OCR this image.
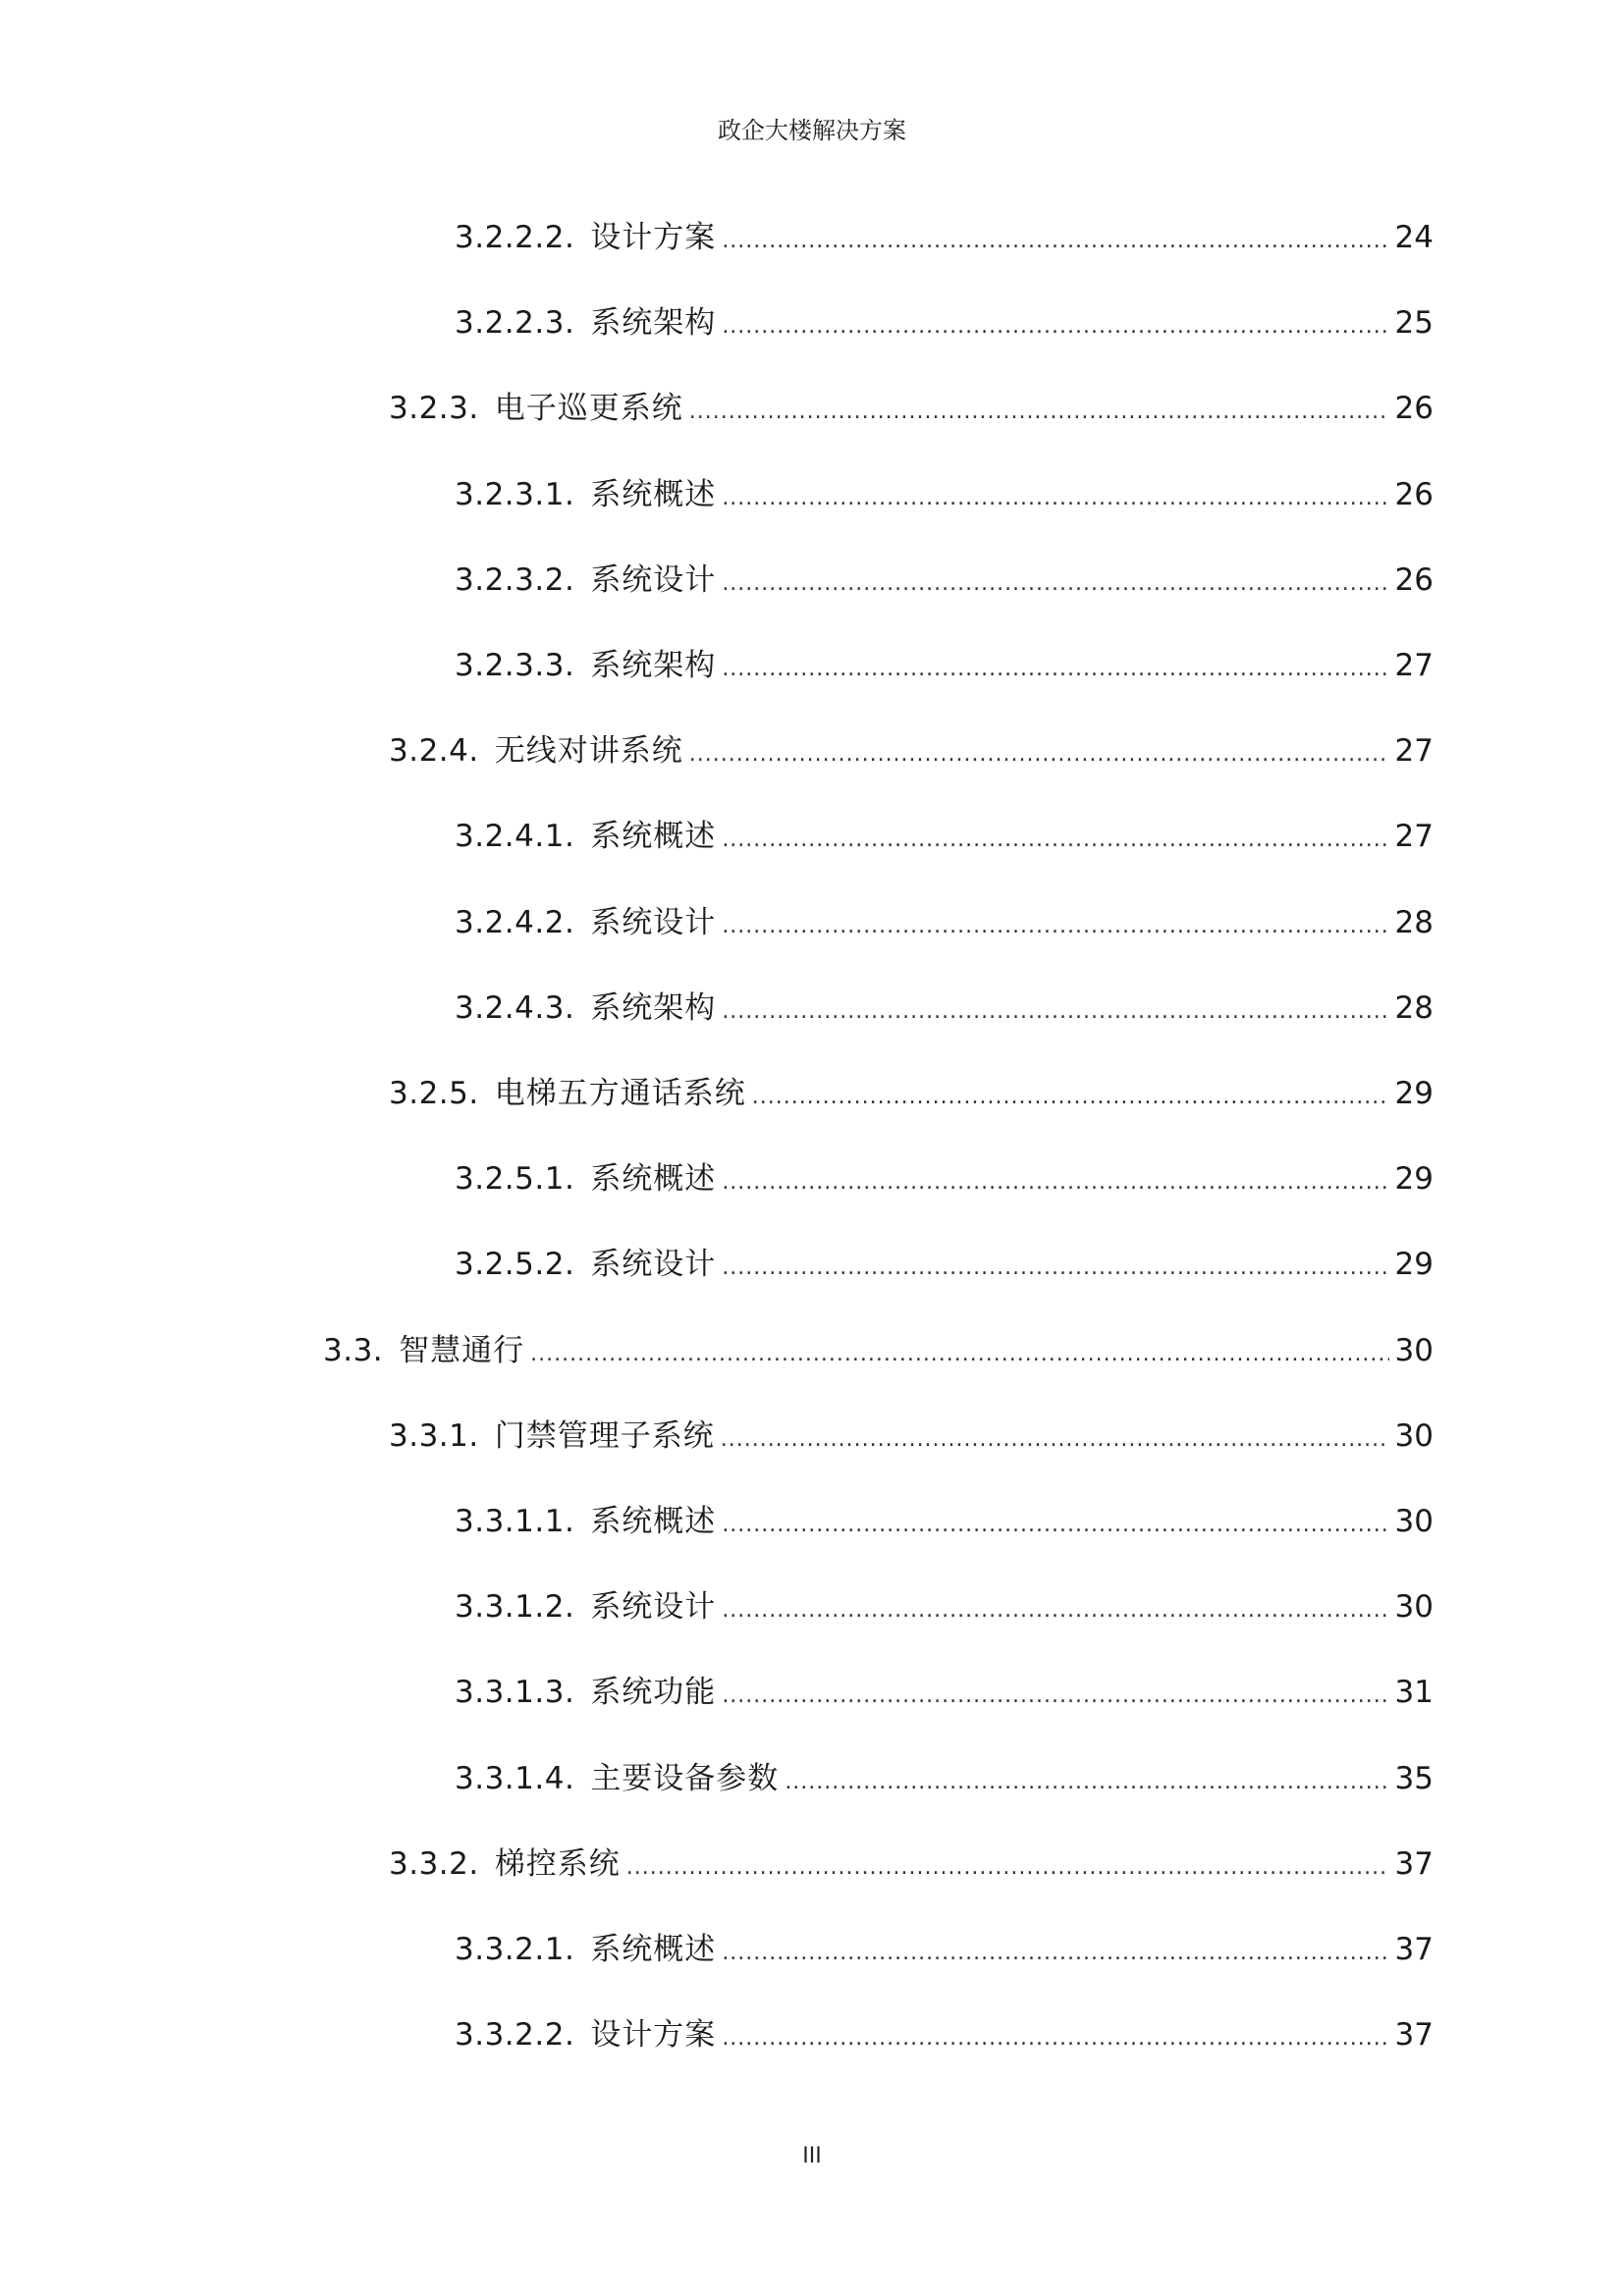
政企大楼解决方案
3.2.2.2. 设计方案 .....	24
3.2.2.3. 系统架构 .....	25
3.2.3. 电子巡更系统 .....	26
3.2.3.1. 系统概述 .....	26
3.2.3.2. 系统设计 .....	26
3.2.3.3. 系统架构 .....	27
3.2.4. 无线对讲系统 .....	27
3.2.4.1. 系统概述 .....	27
3.2.4.2. 系统设计 .....	28
3.2.4.3. 系统架构 .....	28
3.2.5. 电梯五方通话系统 .....	29
3.2.5.1. 系统概述 .....	29
3.2.5.2. 系统设计 .....	29
3.3. 智慧通行 .....	30
3.3.1. 门禁管理子系统 .....	30
3.3.1.1. 系统概述 .....	30
3.3.1.2. 系统设计 .....	30
3.3.1.3. 系统功能 .....	31
3.3.1.4. 主要设备参数 .....	35
3.3.2. 梯控系统 .....	37
3.3.2.1. 系统概述 .....	37
3.3.2.2. 设计方案 .....	37
III
